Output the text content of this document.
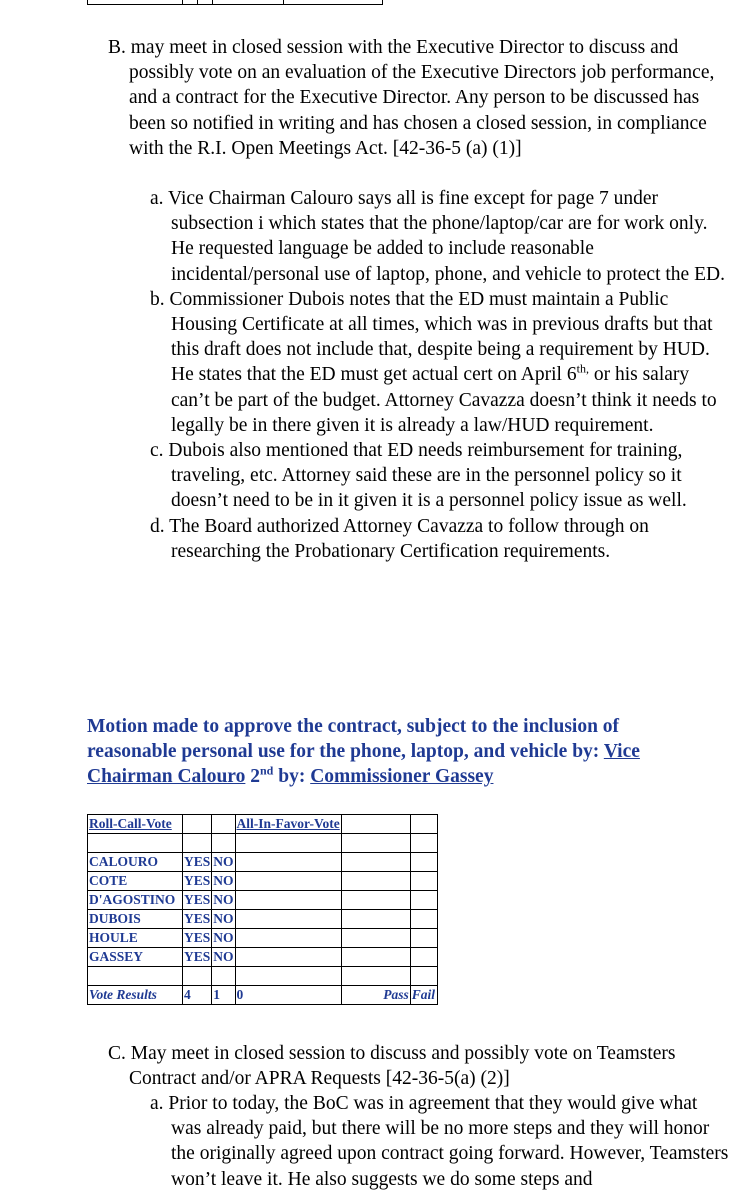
B. may meet in closed session with the Executive Director to discuss and possibly vote on an evaluation of the Executive Directors job performance, and a contract for the Executive Director. Any person to be discussed has been so notified in writing and has chosen a closed session, in compliance with the R.I. Open Meetings Act. [42-36-5 (a) (1)]

a. Vice Chairman Calouro says all is fine except for page 7 under subsection i which states that the phone/laptop/car are for work only. He requested language be added to include reasonable incidental/personal use of laptop, phone, and vehicle to protect the ED.

b. Commissioner Dubois notes that the ED must maintain a Public Housing Certificate at all times, which was in previous drafts but that this draft does not include that, despite being a requirement by HUD. He states that the ED must get actual cert on April $6^{th,}$ or his salary can’t be part of the budget. Attorney Cavazza doesn’t think it needs to legally be in there given it is already a law/HUD requirement.

c. Dubois also mentioned that ED needs reimbursement for training, traveling, etc. Attorney said these are in the personnel policy so it doesn’t need to be in it given it is a personnel policy issue as well.

d. The Board authorized Attorney Cavazza to follow through on researching the Probationary Certification requirements.

Motion made to approve the contract, subject to the inclusion of reasonable personal use for the phone, laptop, and vehicle by: Vice Chairman Calouro 2nd by: Commissioner Gassey
Roll-Call-Vote			All-In-Favor-Vote		

CALOURO	YES	NO			
COTE	YES	NO			
D'AGOSTINO	YES	NO			
DUBOIS	YES	NO			
HOULE	YES	NO			
GASSEY	YES	NO			

Vote Results	4	1	0	Pass	Fail

C. May meet in closed session to discuss and possibly vote on Teamsters Contract and/or APRA Requests [42-36-5(a) (2)]

a. Prior to today, the BoC was in agreement that they would give what was already paid, but there will be no more steps and they will honor the originally agreed upon contract going forward. However, Teamsters won’t leave it. He also suggests we do some steps and
